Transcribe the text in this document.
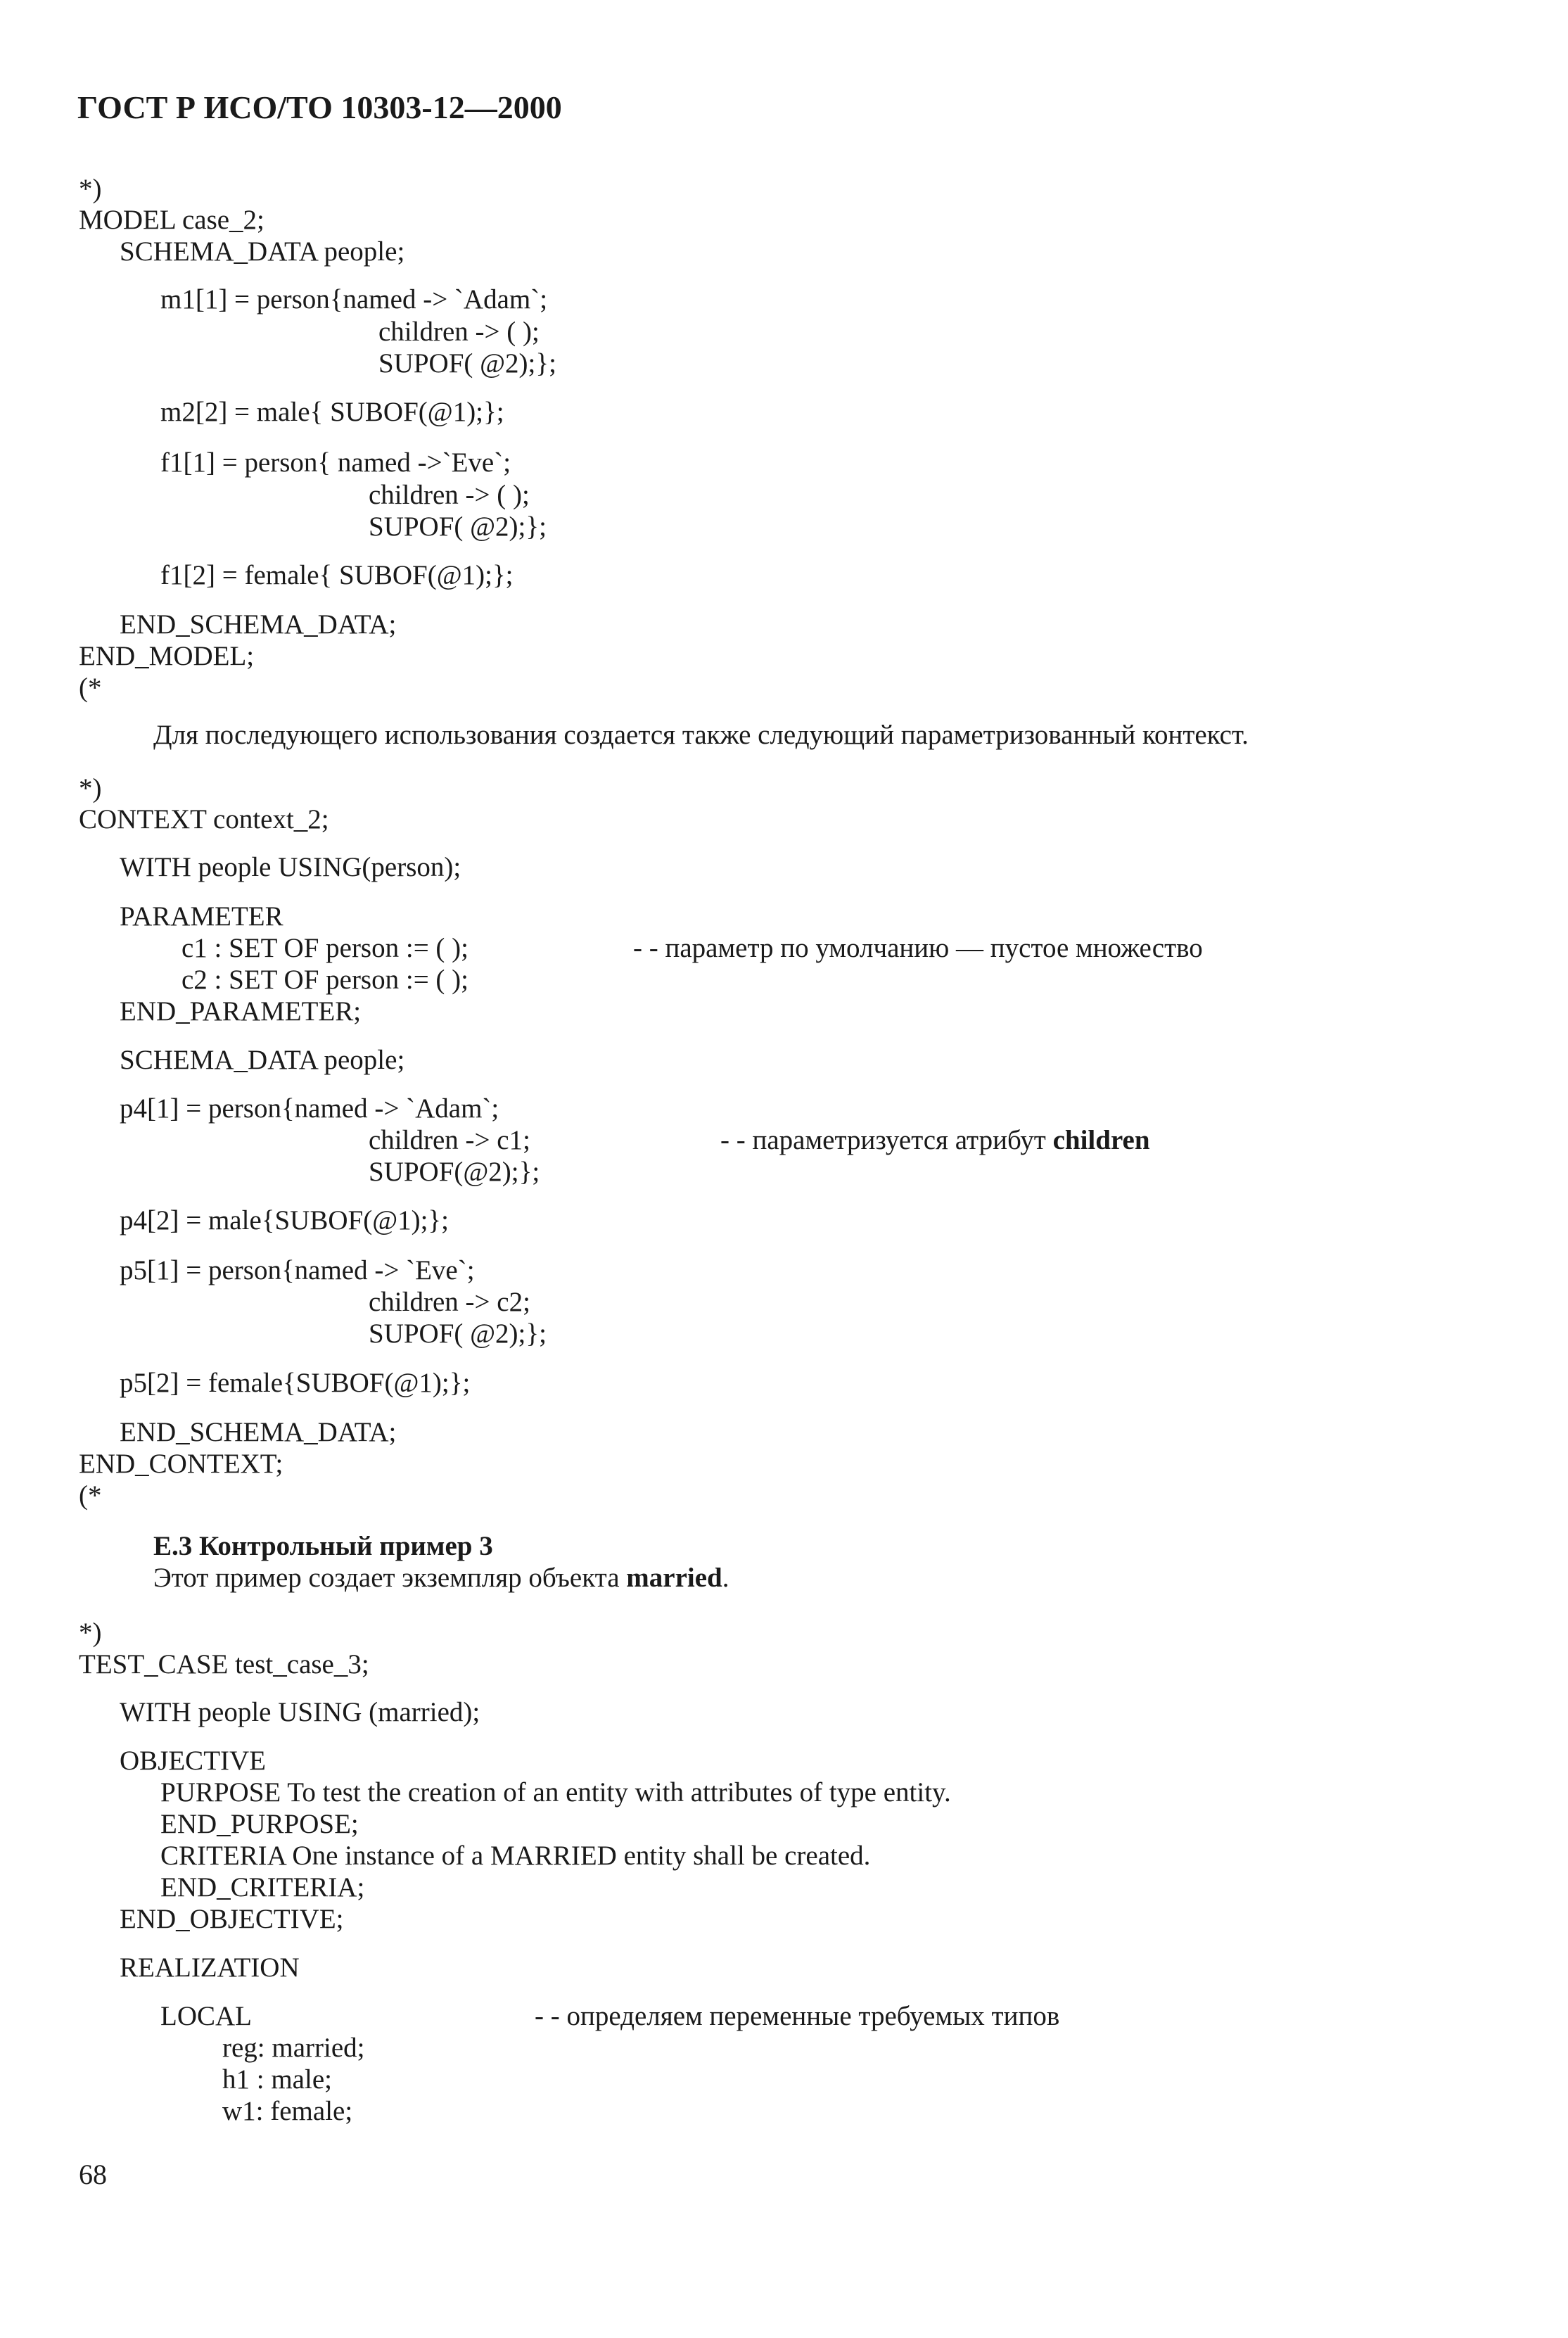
ГОСТ Р ИСО/ТО 10303-12—2000
*)
MODEL case_2;
SCHEMA_DATA people;
m1[1] = person{named -> `Adam`;
children -> ( );
SUPOF( @2);};
m2[2] = male{ SUBOF(@1);};
f1[1] = person{ named ->`Eve`;
children -> ( );
SUPOF( @2);};
f1[2] = female{ SUBOF(@1);};
END_SCHEMA_DATA;
END_MODEL;
(*
Для последующего использования создается также следующий параметризованный контекст.
*)
CONTEXT context_2;
WITH people USING(person);
PARAMETER
c1 : SET OF person := ( );	- - параметр по умолчанию — пустое множество
c2 : SET OF person := ( );
END_PARAMETER;
SCHEMA_DATA people;
p4[1] = person{named -> `Adam`;
children -> c1;	- - параметризуется атрибут children
SUPOF(@2);};
p4[2] = male{SUBOF(@1);};
p5[1] = person{named -> `Eve`;
children -> c2;
SUPOF( @2);};
p5[2] = female{SUBOF(@1);};
END_SCHEMA_DATA;
END_CONTEXT;
(*
Е.3 Контрольный пример 3
Этот пример создает экземпляр объекта married.
*)
TEST_CASE test_case_3;
WITH people USING (married);
OBJECTIVE
PURPOSE To test the creation of an entity with attributes of type entity.
END_PURPOSE;
CRITERIA One instance of a MARRIED entity shall be created.
END_CRITERIA;
END_OBJECTIVE;
REALIZATION
LOCAL	- - определяем переменные требуемых типов
reg: married;
h1 : male;
w1: female;
68
